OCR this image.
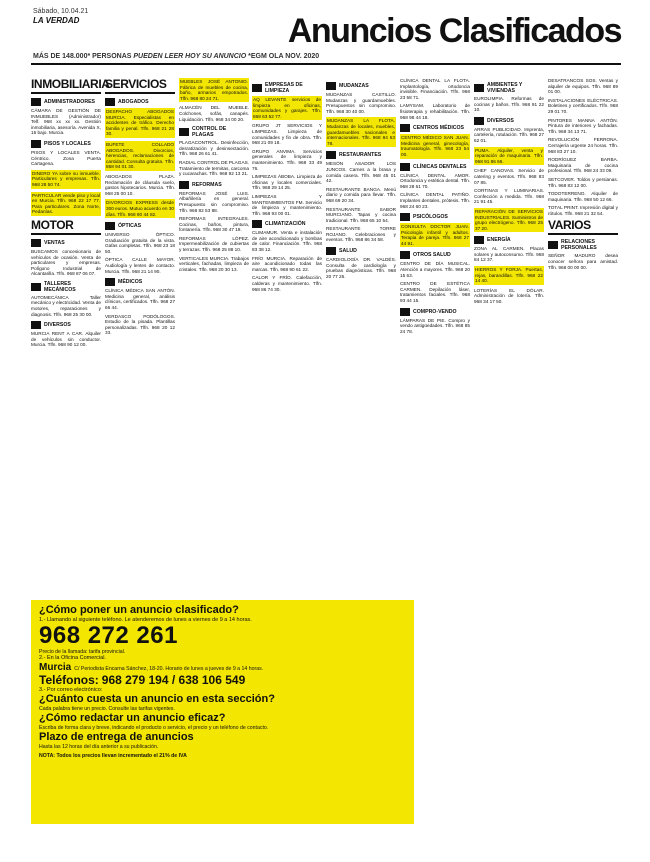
Sábado, 10.04.21
LA VERDAD	Anuncios Clasificados
MÁS DE 148.000* PERSONAS PUEDEN LEER HOY SU ANUNCIO *EGM OLA NOV. 2020
INMOBILIARIA
ADMINISTRADORES
CÁMARA DE GESTIÓN DE INMUEBLES (Administrador) Telf. 968 xx xx xx. Gestión inmobiliaria, asesoría. Avenida X, 15 bajo. Murcia.
PISOS Y LOCALES
PISOS Y LOCALES VENTA. Céntrico. Zona Puerta Cartagena.
DINERO YA sobre su inmueble. Particulares y empresas. Tlfn. 968 28 50 74.
PARTICULAR vende piso y local en Murcia. Tlfn. 968 22 17 77. Para particulares. Zona Norte, Pedanías.
MOTOR
VENTAS
BUSCAMOS concesionario de vehículos de ocasión. Venta de particulares y empresas. Polígono Industrial de Alcantarilla. Tlfn. 968 87 06 07.
TALLERES MECÁNICOS
AUTOMECÁNICA Taller mecánico y electricidad. Venta de motores, reparaciones y diagnosis. Tlfn. 968 25 30 00.
DIVERSOS
MURCIA RENT A CAR. Alquiler de vehículos sin conductor. Murcia. Tlfn. 968 90 12 00.
SERVICIOS
ABOGADOS
DESPACHO ABOGADOS MURCIA. Especialistas en accidentes de tráfico. Derecho familia y penal. Tlfn. 968 21 28 30.
BUFETE COLLADO ABOGADOS. Divorcios, herencias, reclamaciones de cantidad. Consulta gratuita. Tlfn. 868 94 01 30.
ABOGADOS PLAZA. Reclamación de cláusula suelo, gastos hipotecarios. Murcia. Tlfn. 968 25 00 10.
DIVORCIOS EXPRESS desde 300 euros. Mutuo acuerdo en 30 días. Tlfn. 968 90 44 82.
ÓPTICAS
UNIVERSO ÓPTICO. Graduación gratuita de la vista. Gafas completas. Tlfn. 968 23 18 50.
ÓPTICA CALLE MAYOR. Audiología y lentes de contacto. Murcia. Tlfn. 968 21 14 90.
MÉDICOS
CLÍNICA MÉDICA SAN ANTÓN. Medicina general, análisis clínicos, certificados. Tlfn. 968 27 66 44.
VERDASCO PODÓLOGOS. Estudio de la pisada. Plantillas personalizadas. Tlfn. 968 20 12 33.
MUEBLES JOSÉ ANTONIO. Fábrica de muebles de cocina, baño, armarios empotrados. Tlfn. 968 80 24 71.
ALMACÉN DEL MUEBLE. Colchones, sofás, canapés. Liquidación. Tlfn. 968 34 00 20.
CONTROL DE PLAGAS
PLAGACONTROL. Desinfección, desratización y desinsectación. Tlfn. 968 26 61 41.
RADIAL CONTROL DE PLAGAS. Tratamiento de termitas, carcoma y cucarachas. Tlfn. 968 92 13 21.
REFORMAS
REFORMAS JOSÉ LUIS. Albañilería en general. Presupuesto sin compromiso. Tlfn. 968 82 53 88.
REFORMAS INTEGRALES. Cocinas, baños, pintura, fontanería. Tlfn. 968 30 47 19.
REFORMAS LÓPEZ. Impermeabilización de cubiertas y terrazas. Tlfn. 968 25 88 10.
VERTICALES MURCIA. Trabajos verticales, fachadas, limpieza de cristales. Tlfn. 968 20 30 13.
EMPRESAS DE LIMPIEZA
AQ LEVANTE servicios de limpieza en oficinas, comunidades y garajes. Tlfn. 868 63 52 77.
GRUPO JT SERVICIOS Y LIMPIEZAS. Limpieza de comunidades y fin de obra. Tlfn. 968 21 09 18.
GRUPO ANVIMA. Servicios generales de limpieza y mantenimiento. Tlfn. 968 33 49 76.
LIMPIEZAS ÁBOBA. Limpieza de oficinas y locales comerciales. Tlfn. 968 29 14 25.
LIMPIEZAS Y MANTENIMIENTOS FM. Servicio de limpieza y mantenimiento. Tlfn. 968 93 00 01.
CLIMATIZACIÓN
CLIMAMUR. Venta e instalación de aire acondicionado y bombas de calor. Financiación. Tlfn. 968 83 38 12.
FRÍO MURCIA. Reparación de aire acondicionado todas las marcas. Tlfn. 968 90 61 22.
CALOR Y FRÍO. Calefacción, calderas y mantenimiento. Tlfn. 968 86 74 30.
MUDANZAS
MUDANZAS CASTILLO. Mudanzas y guardamuebles. Presupuestos sin compromiso. Tlfn. 968 30 40 00.
MUDANZAS LA FLOTA. Mudanzas de locales, muebles, guardamuebles nacionales e internacionales. Tlfn. 968 84 63 78.
RESTAURANTES
MESÓN ASADOR LOS JUNCOS. Carnes a la brasa y comida casera. Tlfn. 968 45 01 42.
RESTAURANTE BANGA. Menú diario y comida para llevar. Tlfn. 968 69 20 34.
RESTAURANTE SABOR MURCIANO. Tapas y cocina tradicional. Tlfn. 968 65 10 54.
RESTAURANTE TORRE ROJANO. Celebraciones y eventos. Tlfn. 968 86 34 58.
SALUD
CARDIOLOGÍA DR. VALDÉS. Consulta de cardiología y pruebas diagnósticas. Tlfn. 968 20 77 25.
CLÍNICA DENTAL LA FLOTA. Implantología, ortodoncia invisible. Financiación. Tlfn. 968 23 58 71.
LAMYSAM. Laboratorio de fisioterapia y rehabilitación. Tlfn. 968 98 44 18.
CENTROS MÉDICOS
CENTRO MÉDICO SAN JUAN. Medicina general, ginecología, traumatología. Tlfn. 968 23 54 00.
CLÍNICAS DENTALES
CLÍNICA DENTAL AMOR. Ortodoncia y estética dental. Tlfn. 968 28 61 70.
CLÍNICA DENTAL PATIÑO. Implantes dentales, prótesis. Tlfn. 968 24 60 23.
PSICÓLOGOS
CONSULTA DOCTOR JUAN. Psicología infantil y adultos. Terapia de pareja. Tlfn. 968 27 44 91.
OTROS SALUD
CENTRO DE DÍA MUSICAL. Atención a mayores. Tlfn. 968 20 15 63.
CENTRO DE ESTÉTICA CARMEN. Depilación láser, tratamientos faciales. Tlfn. 968 93 44 15.
COMPRO-VENDO
LÁMPARAS DE PIE. Compro y vendo antigüedades. Tlfn. 968 85 24 78.
AMBIENTES Y VIVIENDAS
EUROLIMPIA. Reformas de cocinas y baños. Tlfn. 968 91 22 10.
DIVERSOS
ARRAS PUBLICIDAD. Imprenta, cartelería, rotulación. Tlfn. 968 27 62 01.
PUMA. Alquiler, venta y reparación de maquinaria. Tlfn. 968 91 86 66.
CHEF CANOVAS. Servicio de catering y eventos. Tlfn. 968 83 07 85.
CORTINAS Y LUMINARIAS. Confección a medida. Tlfn. 968 21 91 45.
REPARACIÓN DE SERVICIOS INDUSTRIALES. Suministros de grupo electrógeno. Tlfn. 968 25 37 20.
ENERGÍA
ZONA AL CARMEN. Placas solares y autoconsumo. Tlfn. 968 84 12 37.
HIERROS Y FORJA. Puertas, rejas, barandillas. Tlfn. 968 22 14 40.
LOTERÍAS EL DÓLAR. Administración de lotería. Tlfn. 968 34 17 50.
DESATRANCOS SOS. Ventas y alquiler de equipos. Tlfn. 968 89 01 00.
INSTALACIONES ELÉCTRICAS. Boletines y certificados. Tlfn. 968 29 01 70.
PINTORES MANNA ANTÓN. Pintura de interiores y fachadas. Tlfn. 968 34 13 71.
REVOLUCIÓN FERRONA. Cerrajería urgente 24 horas. Tlfn. 968 83 27 10.
RODRÍGUEZ BARBA. Maquinaria de cocina profesional. Tlfn. 968 24 33 09.
SETCOVER. Toldos y persianas. Tlfn. 968 83 12 00.
TODOTERRENO. Alquiler de maquinaria. Tlfn. 968 50 12 66.
TOTAL PRINT. Impresión digital y rótulos. Tlfn. 968 21 32 54.
VARIOS
RELACIONES PERSONALES
SEÑOR MADURO desea conocer señora para amistad. Tlfn. 968 00 00 00.
¿Cómo poner un anuncio clasificado?
1.- Llamando al siguiente teléfono. Le atenderemos de lunes a viernes de 9 a 14 horas.
968 272 261
Precio de la llamada: tarifa provincial.
2.- En la Oficina Comercial.
Murcia C/ Periodista Encarna Sánchez, 18-20. Horario de lunes a jueves de 9 a 14 horas.
Teléfonos: 968 279 194 / 638 106 549
3.- Por correo electrónico:
¿Cuánto cuesta un anuncio en esta sección?
Cada palabra tiene un precio. Consulte las tarifas vigentes.
¿Cómo redactar un anuncio eficaz?
Escriba de forma clara y breve, indicando el producto o servicio, el precio y un teléfono de contacto.
Plazo de entrega de anuncios
Hasta las 12 horas del día anterior a su publicación.
NOTA: Todos los precios llevan incrementado el 21% de IVA
